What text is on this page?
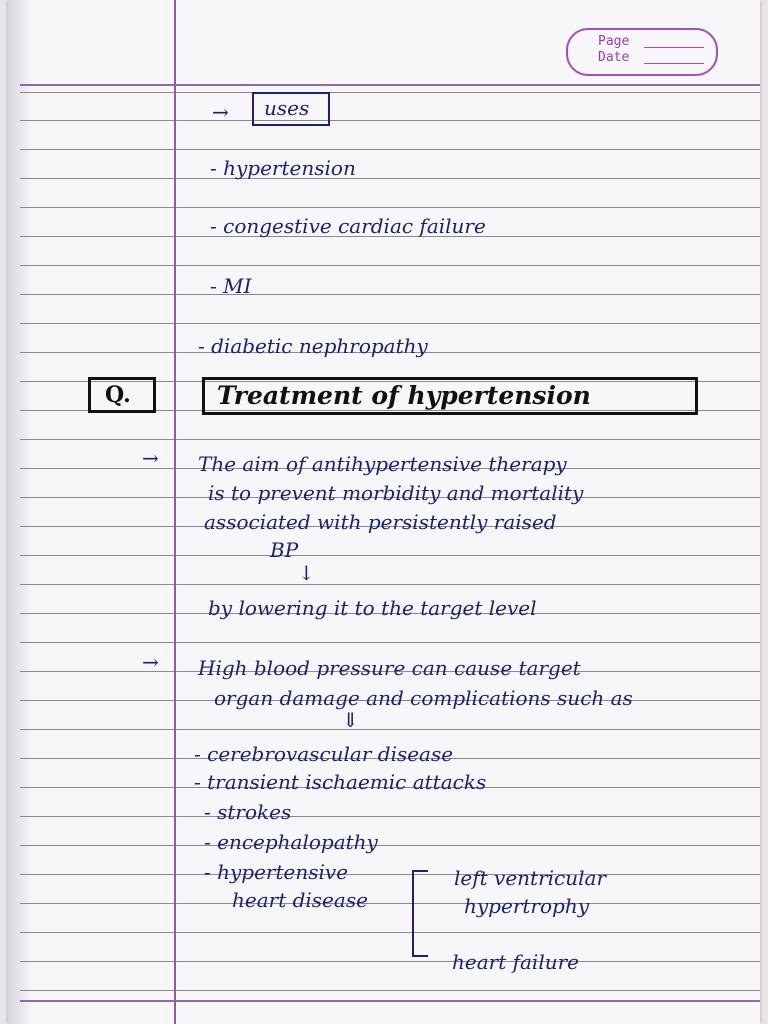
Page
Date
→ uses
- hypertension
- congestive cardiac failure
- MI
- diabetic nephropathy
Q.	Treatment of hypertension
→ The aim of antihypertensive therapy
is to prevent morbidity and mortality
associated with persistently raised
BP
↓
by lowering it to the target level
→ High blood pressure can cause target
organ damage and complications such as
⇓
- cerebrovascular disease
- transient ischaemic attacks
- strokes
- encephalopathy
- hypertensive
heart disease
left ventricular
hypertrophy
heart failure
